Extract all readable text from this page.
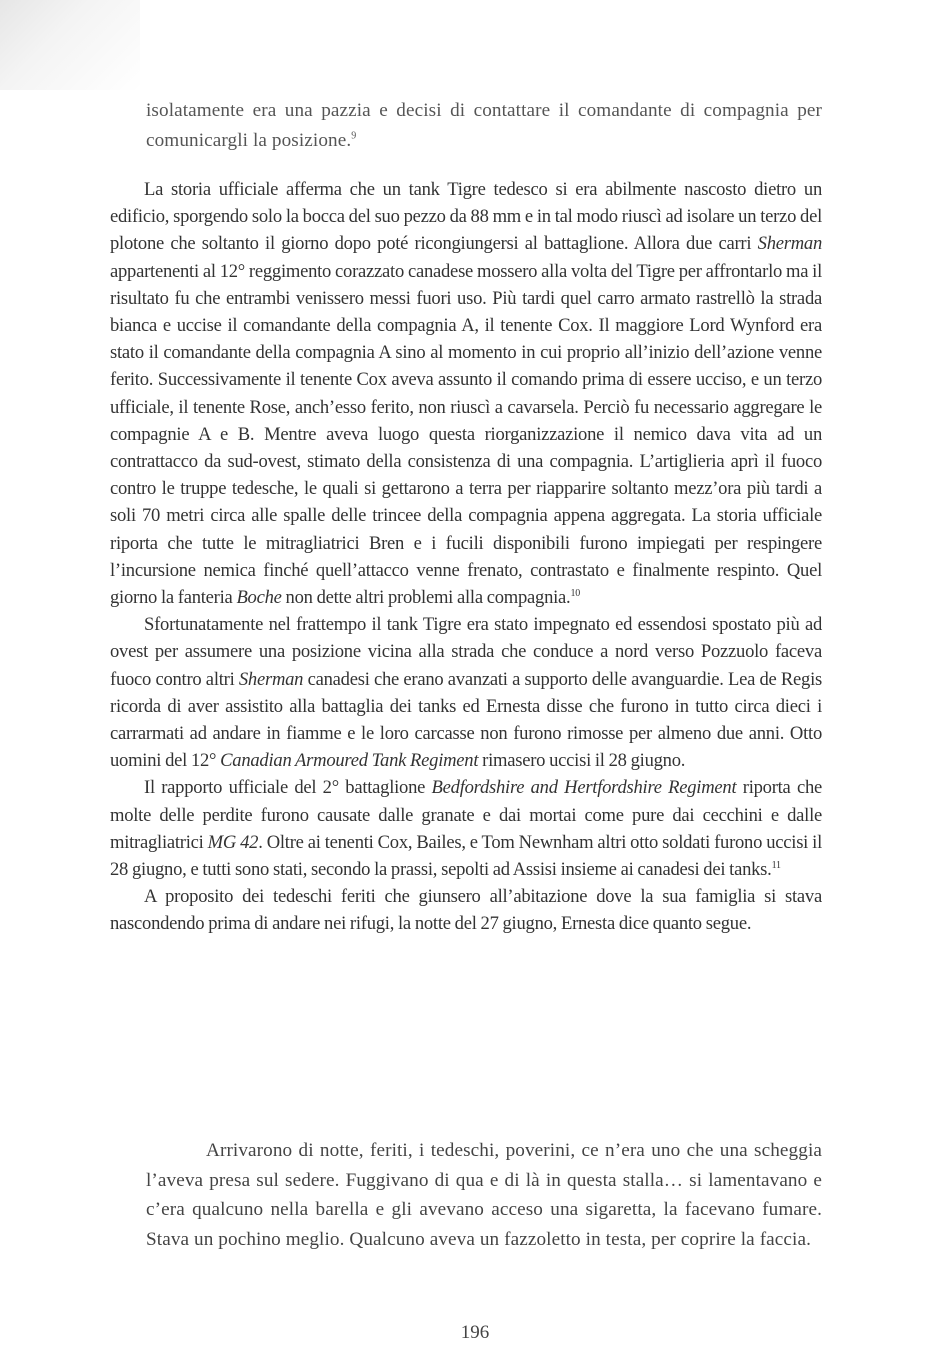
isolatamente era una pazzia e decisi di contattare il comandante di compagnia per comunicargli la posizione.$^9$

La storia ufficiale afferma che un tank Tigre tedesco si era abilmente nascosto dietro un edificio, sporgendo solo la bocca del suo pezzo da 88 mm e in tal modo riuscì ad isolare un terzo del plotone che soltanto il giorno dopo poté ricongiungersi al battaglione. Allora due carri Sherman appartenenti al 12° reggimento corazzato canadese mossero alla volta del Tigre per affrontarlo ma il risultato fu che entrambi venissero messi fuori uso. Più tardi quel carro armato rastrellò la strada bianca e uccise il comandante della compagnia A, il tenente Cox. Il maggiore Lord Wynford era stato il comandante della compagnia A sino al momento in cui proprio all’inizio dell’azione venne ferito. Successivamente il tenente Cox aveva assunto il comando prima di essere ucciso, e un terzo ufficiale, il tenente Rose, anch’esso ferito, non riuscì a cavarsela. Perciò fu necessario aggregare le compagnie A e B. Mentre aveva luogo questa riorganizzazione il nemico dava vita ad un contrattacco da sud-ovest, stimato della consistenza di una compagnia. L’artiglieria aprì il fuoco contro le truppe tedesche, le quali si gettarono a terra per riapparire soltanto mezz’ora più tardi a soli 70 metri circa alle spalle delle trincee della compagnia appena aggregata. La storia ufficiale riporta che tutte le mitragliatrici Bren e i fucili disponibili furono impiegati per respingere l’incursione nemica finché quell’attacco venne frenato, contrastato e finalmente respinto. Quel giorno la fanteria Boche non dette altri problemi alla compagnia.$^{10}$

Sfortunatamente nel frattempo il tank Tigre era stato impegnato ed essendosi spostato più ad ovest per assumere una posizione vicina alla strada che conduce a nord verso Pozzuolo faceva fuoco contro altri Sherman canadesi che erano avanzati a supporto delle avanguardie. Lea de Regis ricorda di aver assistito alla battaglia dei tanks ed Ernesta disse che furono in tutto circa dieci i carrarmati ad andare in fiamme e le loro carcasse non furono rimosse per almeno due anni. Otto uomini del 12° Canadian Armoured Tank Regiment rimasero uccisi il 28 giugno.

Il rapporto ufficiale del 2° battaglione Bedfordshire and Hertfordshire Regiment riporta che molte delle perdite furono causate dalle granate e dai mortai come pure dai cecchini e dalle mitragliatrici MG 42. Oltre ai tenenti Cox, Bailes, e Tom Newnham altri otto soldati furono uccisi il 28 giugno, e tutti sono stati, secondo la prassi, sepolti ad Assisi insieme ai canadesi dei tanks.$^{11}$

A proposito dei tedeschi feriti che giunsero all’abitazione dove la sua famiglia si stava nascondendo prima di andare nei rifugi, la notte del 27 giugno, Ernesta dice quanto segue.

Arrivarono di notte, feriti, i tedeschi, poverini, ce n’era uno che una scheggia l’aveva presa sul sedere. Fuggivano di qua e di là in questa stalla… si lamentavano e c’era qualcuno nella barella e gli avevano acceso una sigaretta, la facevano fumare. Stava un pochino meglio. Qualcuno aveva un fazzoletto in testa, per coprire la faccia.

196
